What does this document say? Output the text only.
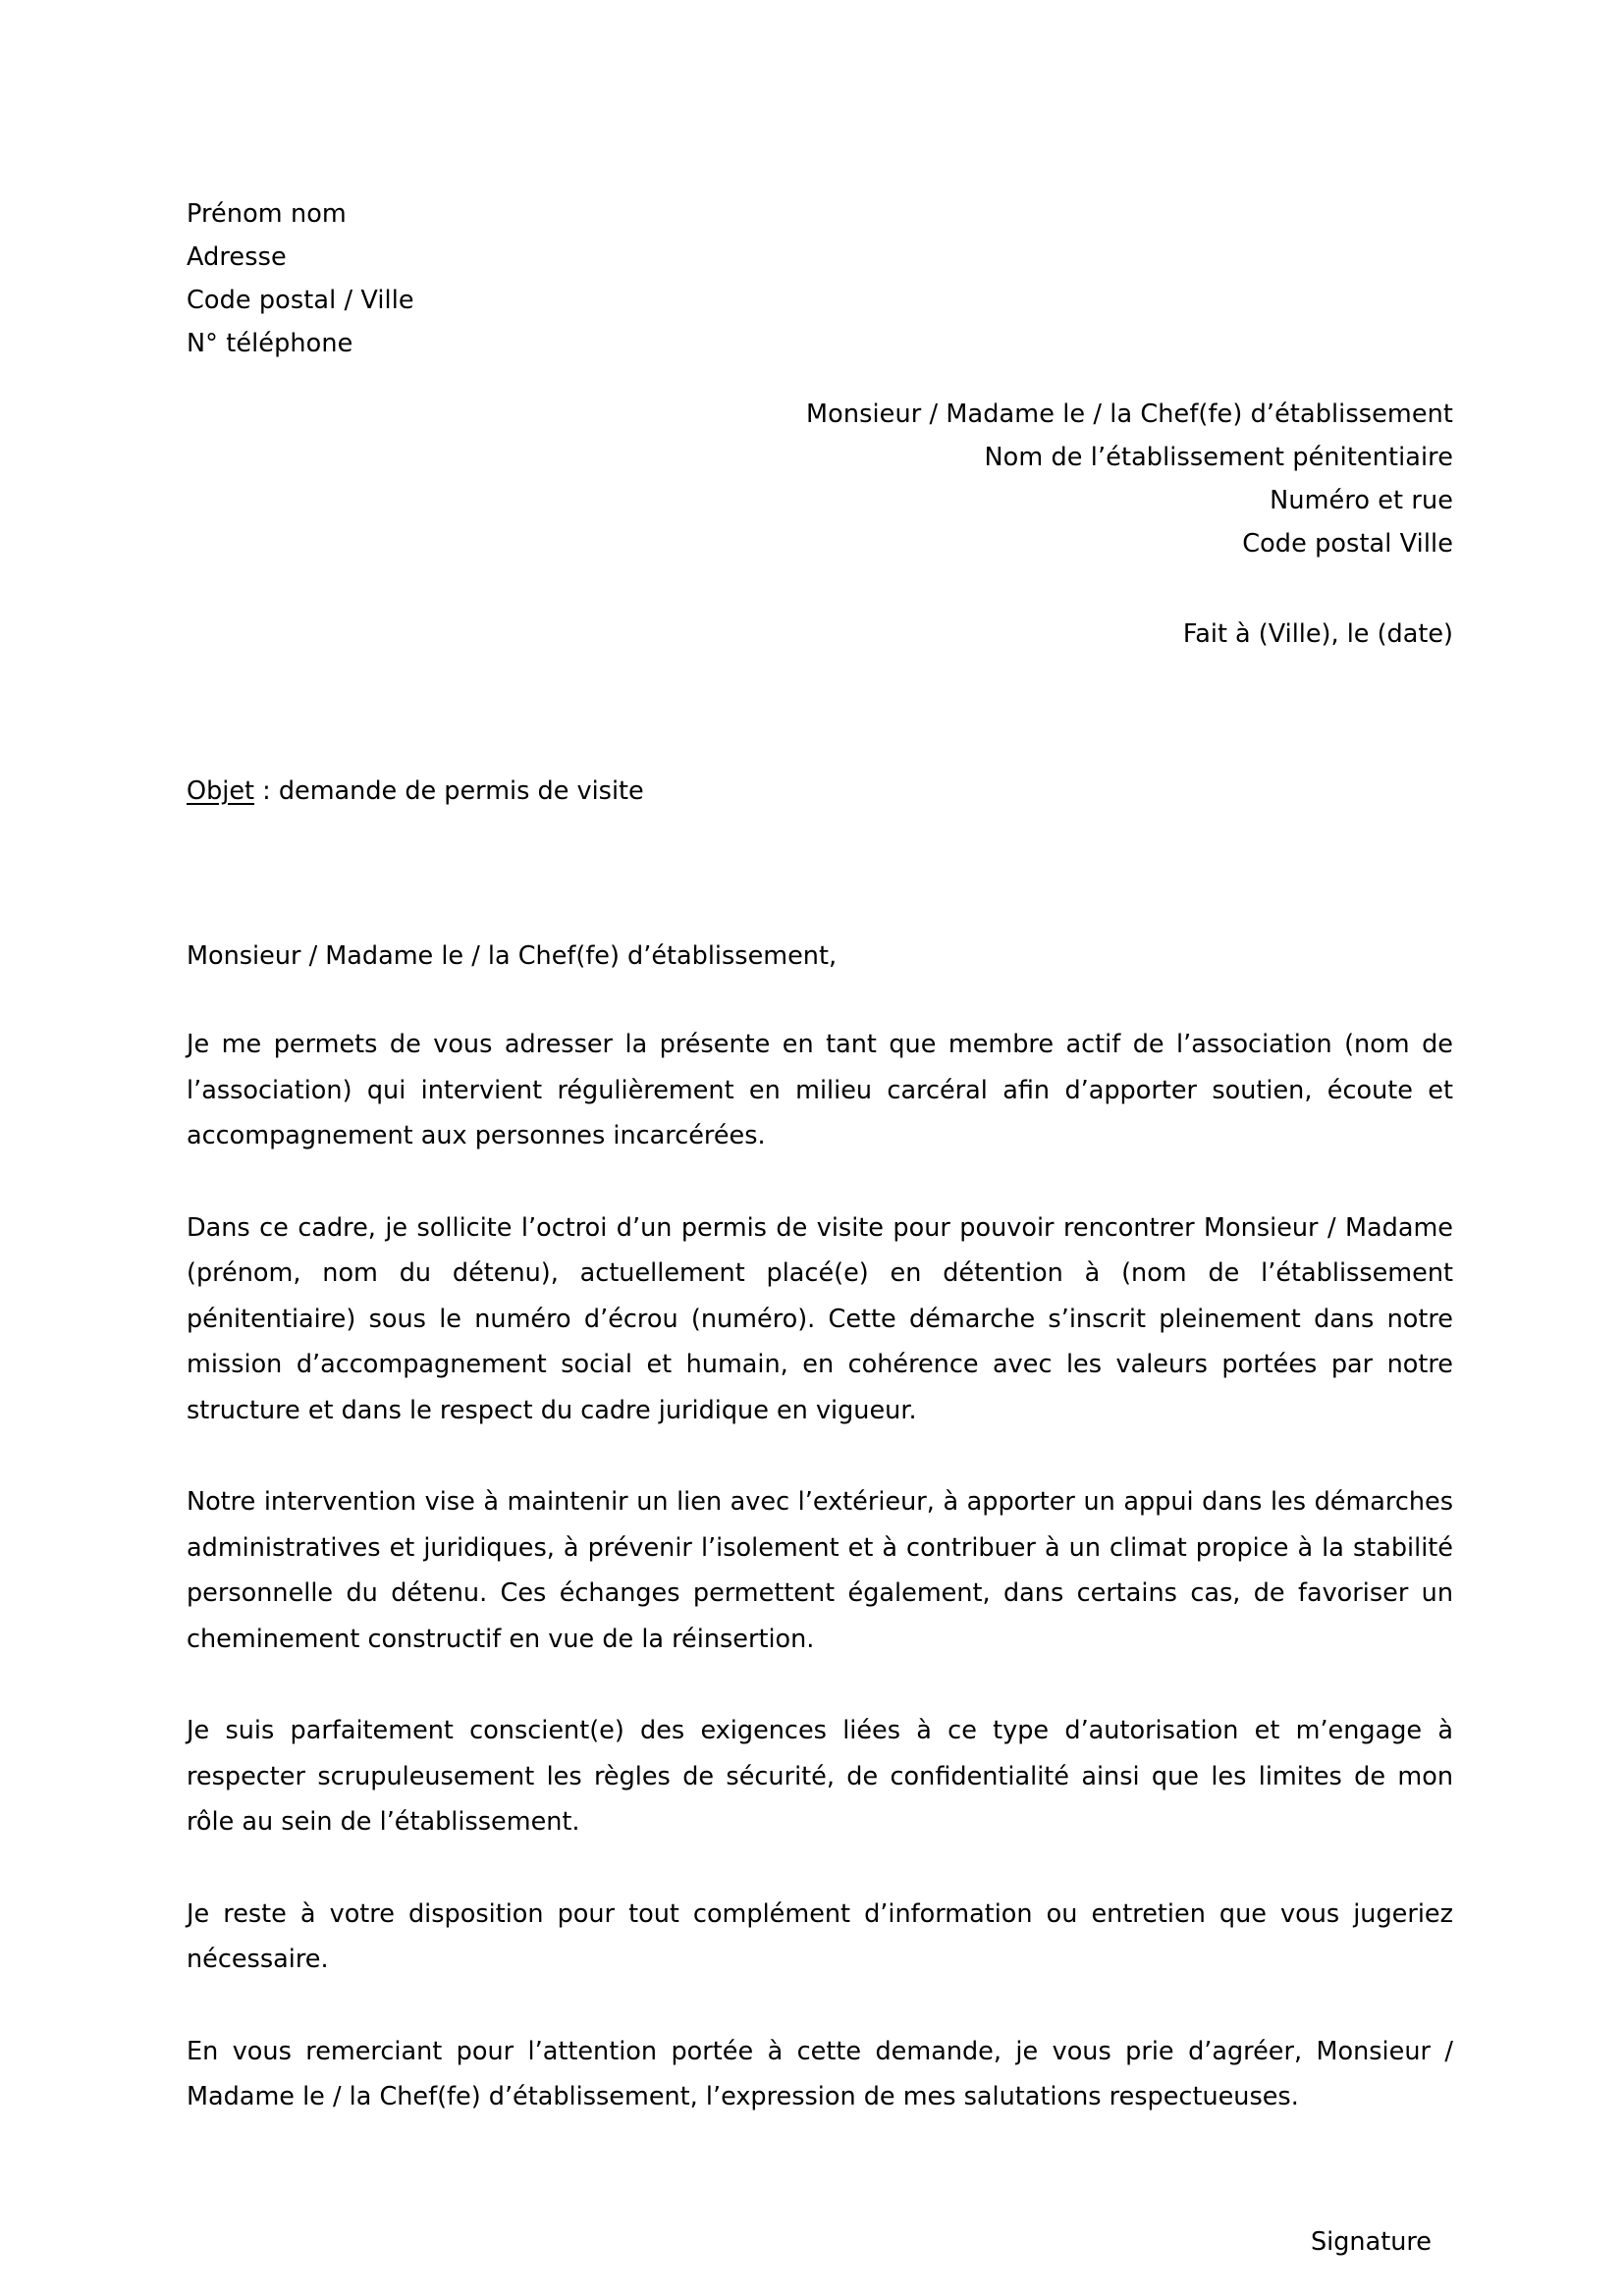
Prénom nom
Adresse
Code postal / Ville
N° téléphone
Monsieur / Madame le / la Chef(fe) d’établissement
Nom de l’établissement pénitentiaire
Numéro et rue
Code postal Ville
Fait à (Ville), le (date)
Objet : demande de permis de visite
Monsieur / Madame le / la Chef(fe) d’établissement,

Je me permets de vous adresser la présente en tant que membre actif de l’association (nom de l’association) qui intervient régulièrement en milieu carcéral afin d’apporter soutien, écoute et accompagnement aux personnes incarcérées.

Dans ce cadre, je sollicite l’octroi d’un permis de visite pour pouvoir rencontrer Monsieur / Madame (prénom, nom du détenu), actuellement placé(e) en détention à (nom de l’établissement pénitentiaire) sous le numéro d’écrou (numéro). Cette démarche s’inscrit pleinement dans notre mission d’accompagnement social et humain, en cohérence avec les valeurs portées par notre structure et dans le respect du cadre juridique en vigueur.

Notre intervention vise à maintenir un lien avec l’extérieur, à apporter un appui dans les démarches administratives et juridiques, à prévenir l’isolement et à contribuer à un climat propice à la stabilité personnelle du détenu. Ces échanges permettent également, dans certains cas, de favoriser un cheminement constructif en vue de la réinsertion.

Je suis parfaitement conscient(e) des exigences liées à ce type d’autorisation et m’engage à respecter scrupuleusement les règles de sécurité, de confidentialité ainsi que les limites de mon rôle au sein de l’établissement.

Je reste à votre disposition pour tout complément d’information ou entretien que vous jugeriez nécessaire.

En vous remerciant pour l’attention portée à cette demande, je vous prie d’agréer, Monsieur / Madame le / la Chef(fe) d’établissement, l’expression de mes salutations respectueuses.

Signature
